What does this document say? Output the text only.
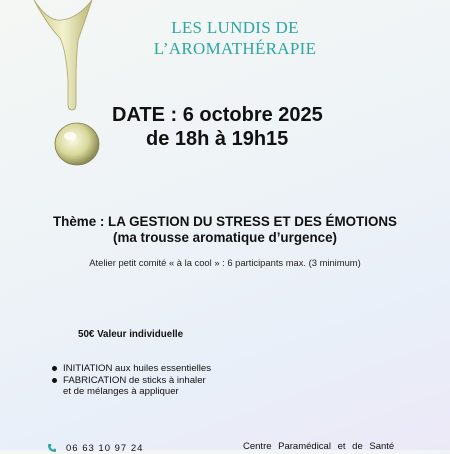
LES LUNDIS DE
L’AROMATHÉRAPIE
DATE : 6 octobre 2025
de 18h à 19h15
Thème : LA GESTION DU STRESS ET DES ÉMOTIONS
(ma trousse aromatique d’urgence)
Atelier petit comité « à la cool » : 6 participants max. (3 minimum)
50€ Valeur individuelle
INITIATION aux huiles essentielles
FABRICATION de sticks à inhaler
et de mélanges à appliquer
06 63 10 97 24	Centre Paramédical et de Santé
